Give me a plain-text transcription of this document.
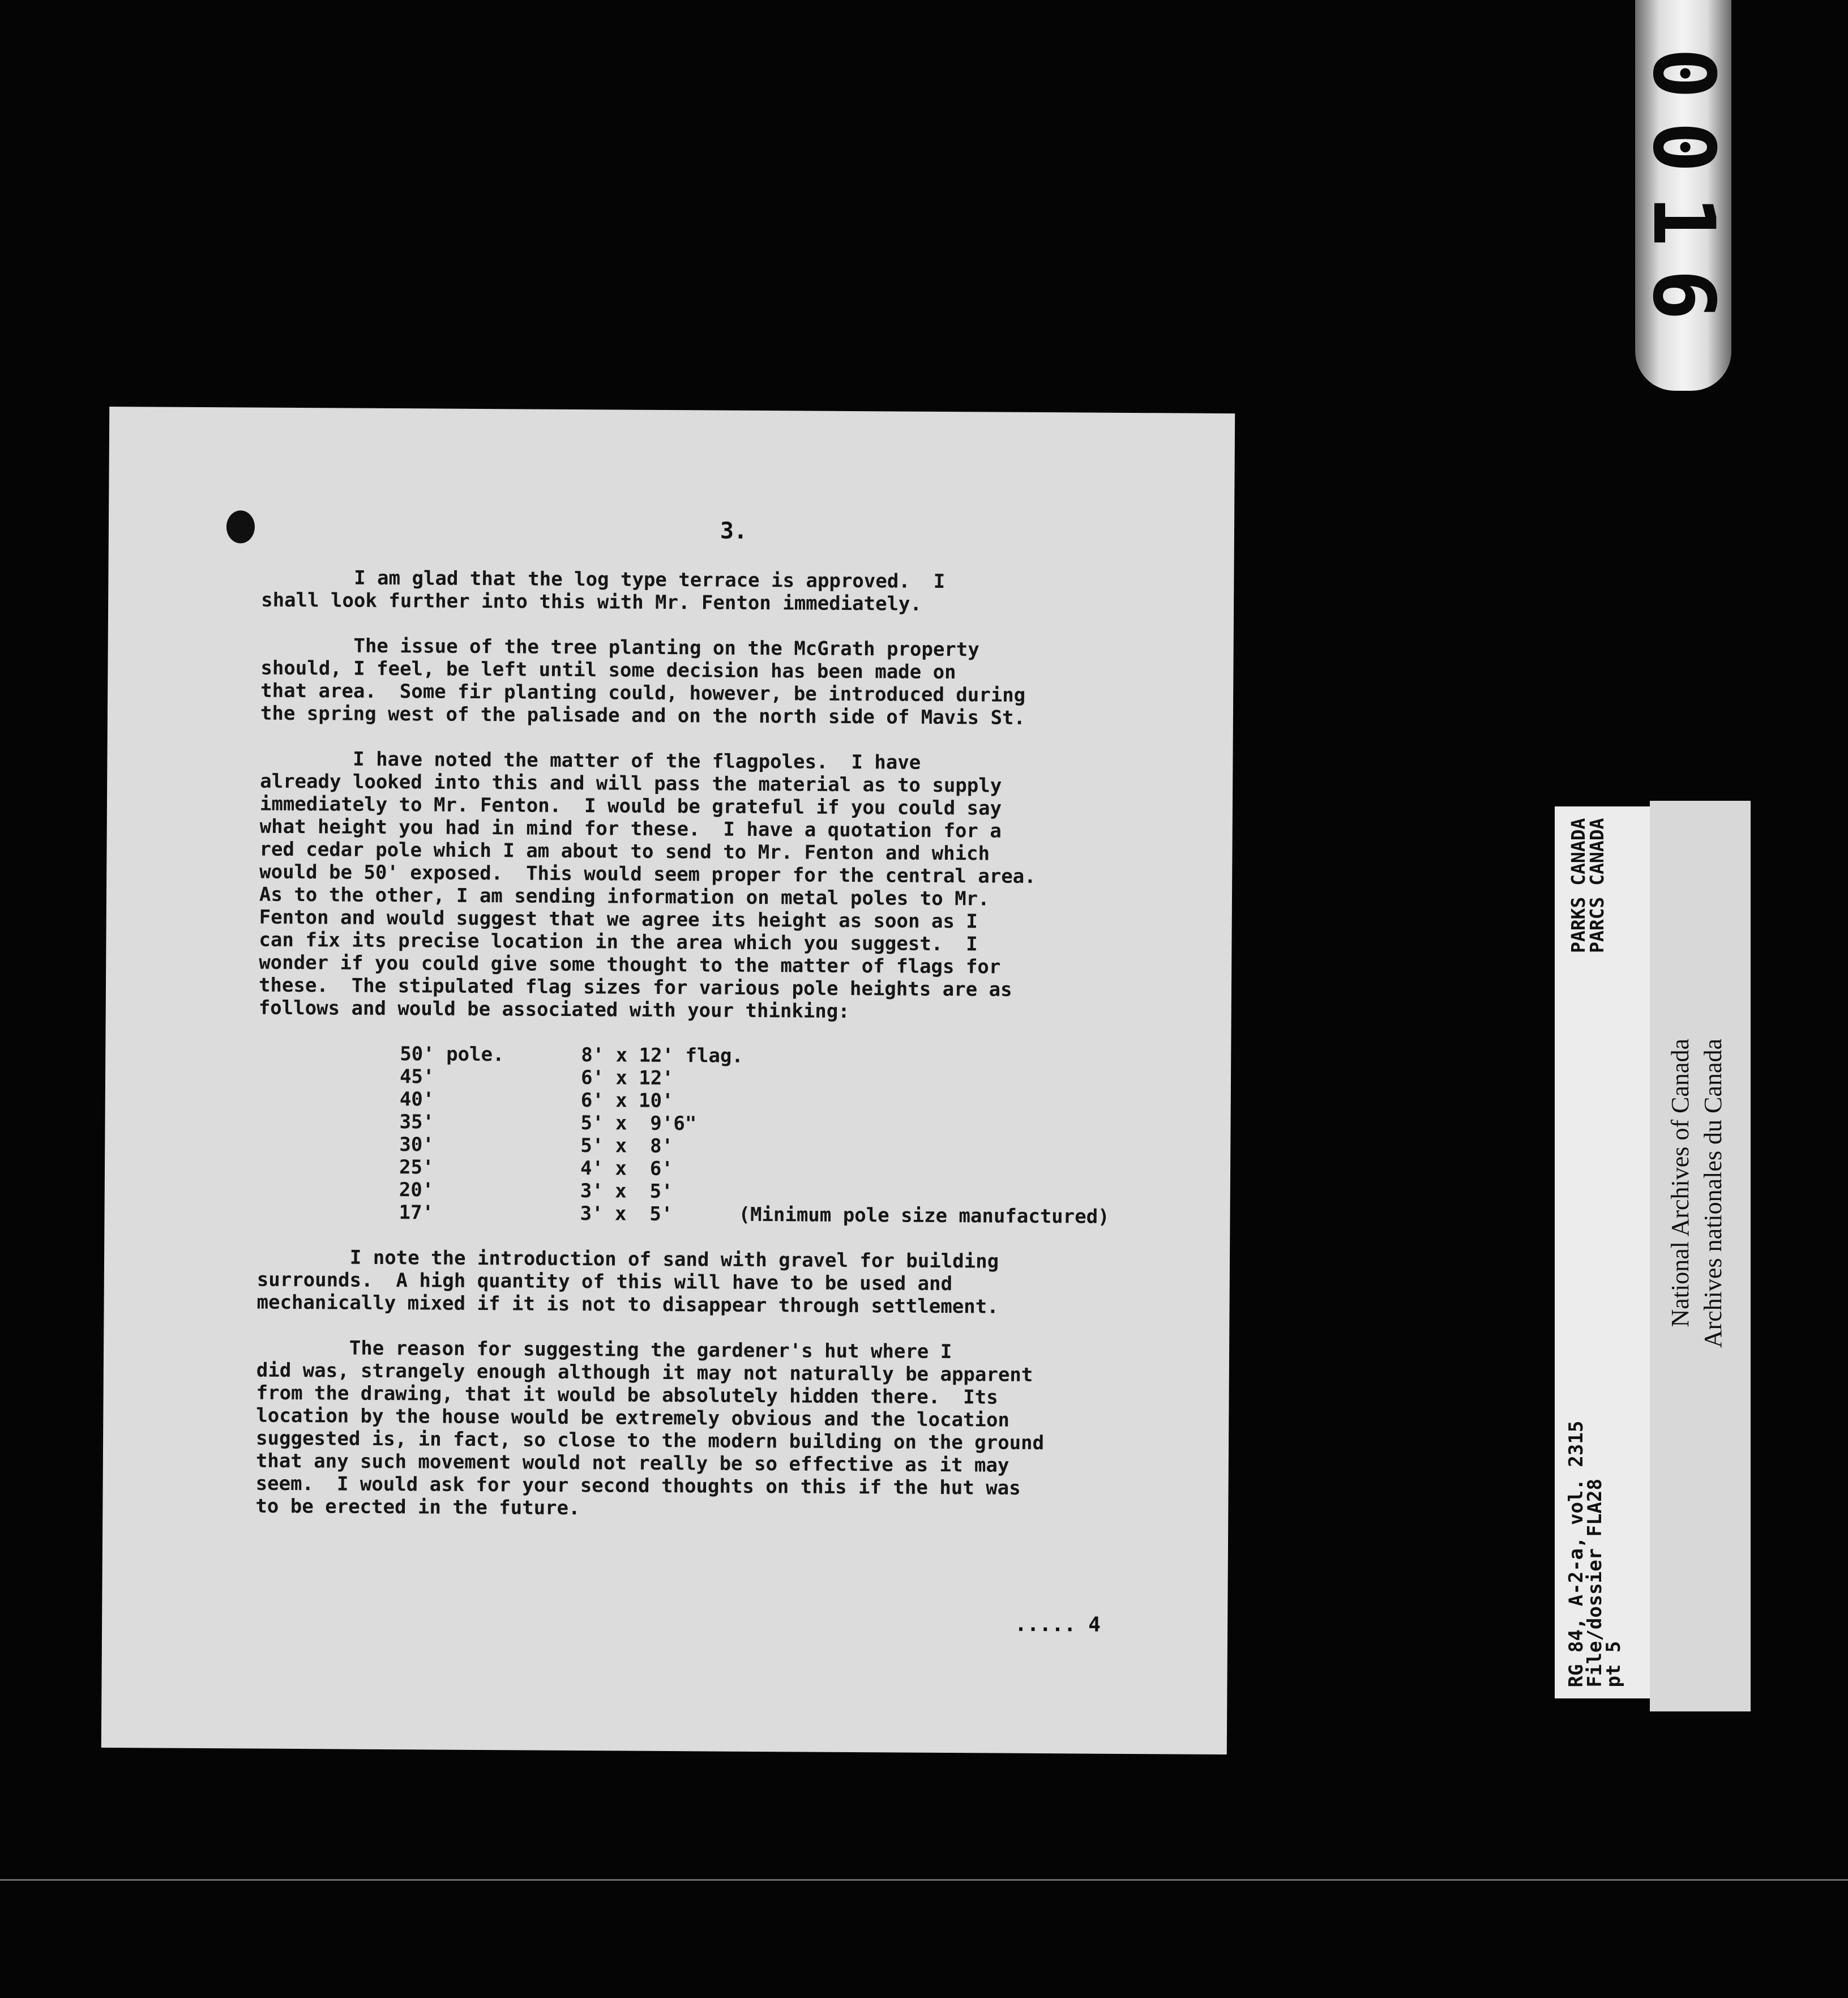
0016
3.

I am glad that the log type terrace is approved.  I
shall look further into this with Mr. Fenton immediately.

The issue of the tree planting on the McGrath property
should, I feel, be left until some decision has been made on
that area.  Some fir planting could, however, be introduced during
the spring west of the palisade and on the north side of Mavis St.

I have noted the matter of the flagpoles.  I have
already looked into this and will pass the material as to supply
immediately to Mr. Fenton.  I would be grateful if you could say
what height you had in mind for these.  I have a quotation for a
red cedar pole which I am about to send to Mr. Fenton and which
would be 50' exposed.  This would seem proper for the central area.
As to the other, I am sending information on metal poles to Mr.
Fenton and would suggest that we agree its height as soon as I
can fix its precise location in the area which you suggest.  I
wonder if you could give some thought to the matter of flags for
these.  The stipulated flag sizes for various pole heights are as
follows and would be associated with your thinking:

50' pole.	8' x 12' flag.
45'	6' x 12'
40'	6' x 10'
35'	5' x  9'6"
30'	5' x  8'
25'	4' x  6'
20'	3' x  5'
17'	3' x  5'	(Minimum pole size manufactured)

I note the introduction of sand with gravel for building
surrounds.  A high quantity of this will have to be used and
mechanically mixed if it is not to disappear through settlement.

The reason for suggesting the gardener's hut where I
did was, strangely enough although it may not naturally be apparent
from the drawing, that it would be absolutely hidden there.  Its
location by the house would be extremely obvious and the location
suggested is, in fact, so close to the modern building on the ground
that any such movement would not really be so effective as it may
seem.  I would ask for your second thoughts on this if the hut was
to be erected in the future.

..... 4	RG 84, A-2-a, vol. 2315
File/dossier FLA28
pt 5
PARKS CANADA
PARCS CANADA
National Archives of Canada Archives nationales du Canada
